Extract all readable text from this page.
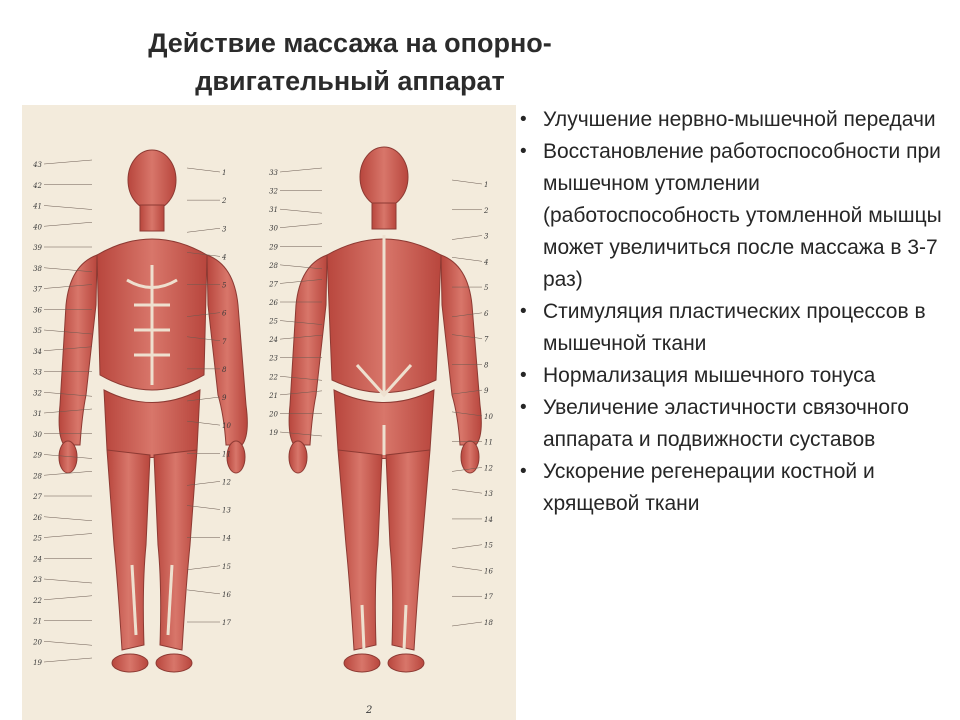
Действие массажа на опорно-
двигательный аппарат
43
42
41
40
39
38
37
36
35
34
33
32
31
30
29
28
27
26
25
24
23
22
21
20
19
1
2
3
4
5
6
7
8
9
10
11
12
13
14
15
16
17
33
32
31
30
29
28
27
26
25
24
23
22
21
20
19
1
2
3
4
5
6
7
8
9
10
11
12
13
14
15
16
17
18
2
• Улучшение нервно-мышечной передачи
• Восстановление работоспособности при мышечном утомлении (работоспособность утомленной мышцы может увеличиться после массажа в 3-7 раз)
• Стимуляция пластических процессов в мышечной ткани
• Нормализация мышечного тонуса
• Увеличение эластичности связочного аппарата и подвижности суставов
• Ускорение регенерации костной и хрящевой ткани
